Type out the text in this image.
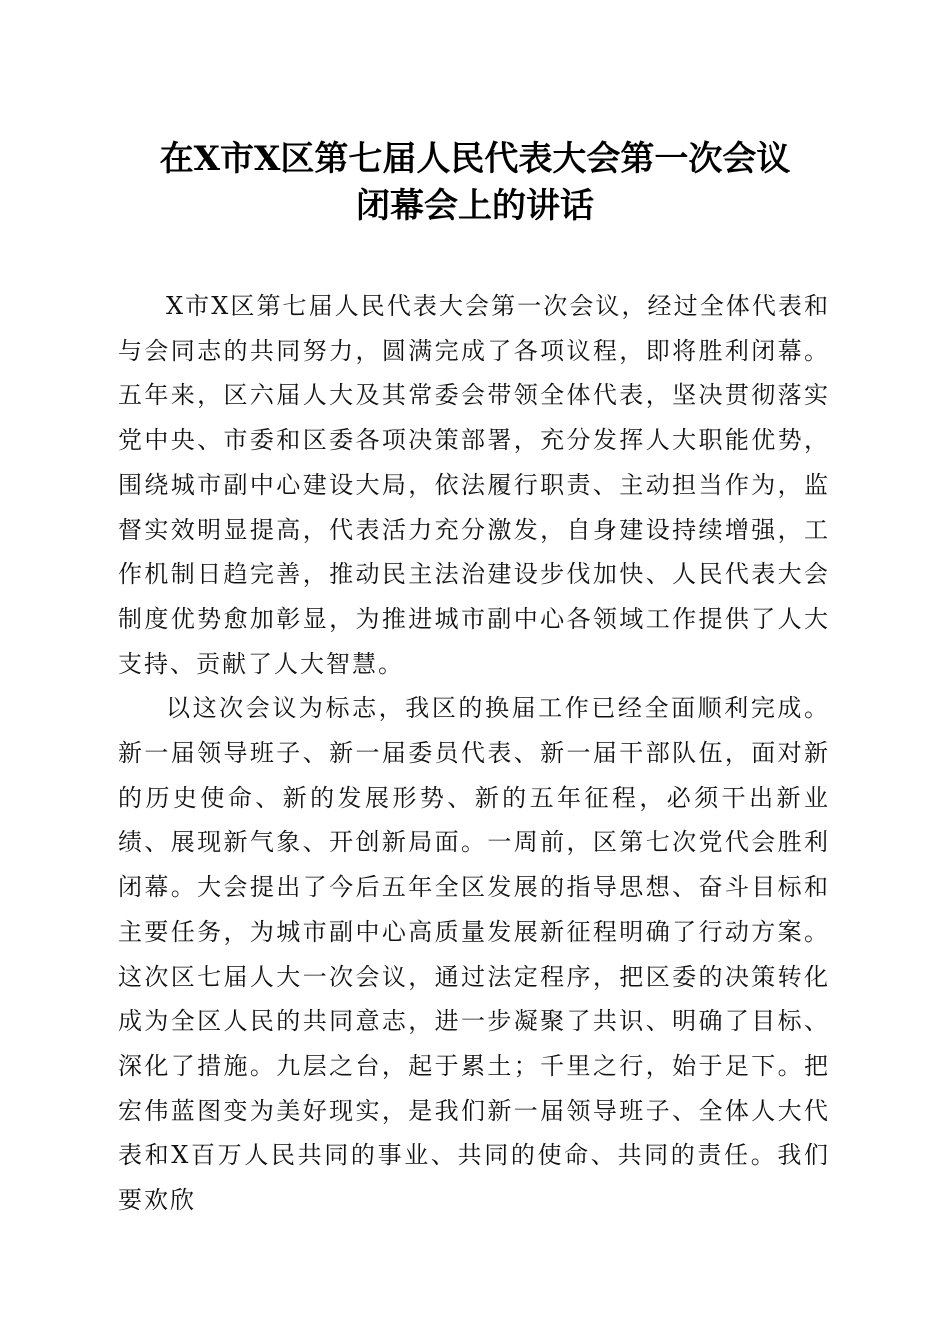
在X市X区第七届人民代表大会第一次会议
闭幕会上的讲话

X市X区第七届人民代表大会第一次会议，经过全体代表和与会同志的共同努力，圆满完成了各项议程，即将胜利闭幕。五年来，区六届人大及其常委会带领全体代表，坚决贯彻落实党中央、市委和区委各项决策部署，充分发挥人大职能优势，围绕城市副中心建设大局，依法履行职责、主动担当作为，监督实效明显提高，代表活力充分激发，自身建设持续增强，工作机制日趋完善，推动民主法治建设步伐加快、人民代表大会制度优势愈加彰显，为推进城市副中心各领域工作提供了人大支持、贡献了人大智慧。

以这次会议为标志，我区的换届工作已经全面顺利完成。新一届领导班子、新一届委员代表、新一届干部队伍，面对新的历史使命、新的发展形势、新的五年征程，必须干出新业绩、展现新气象、开创新局面。一周前，区第七次党代会胜利闭幕。大会提出了今后五年全区发展的指导思想、奋斗目标和主要任务，为城市副中心高质量发展新征程明确了行动方案。这次区七届人大一次会议，通过法定程序，把区委的决策转化成为全区人民的共同意志，进一步凝聚了共识、明确了目标、深化了措施。九层之台，起于累土；千里之行，始于足下。把宏伟蓝图变为美好现实，是我们新一届领导班子、全体人大代表和X百万人民共同的事业、共同的使命、共同的责任。我们要欢欣
